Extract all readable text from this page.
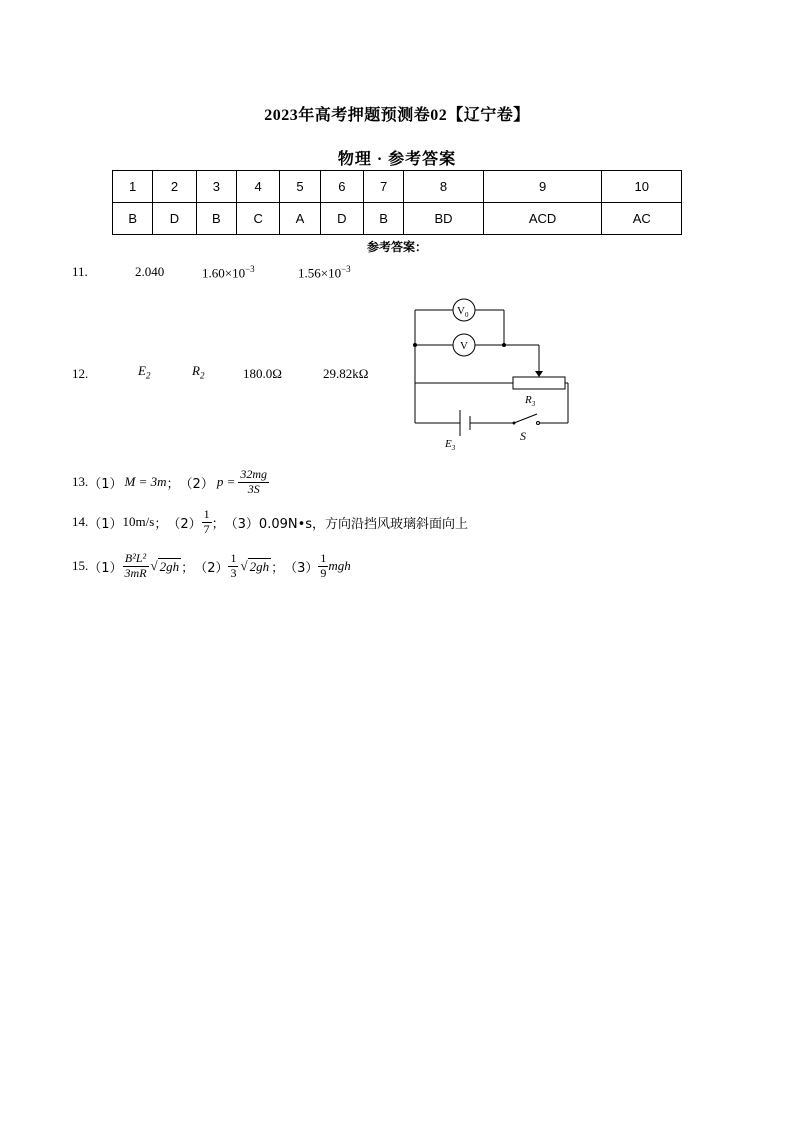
2023年高考押题预测卷02【辽宁卷】
物理 · 参考答案
1	2	3	4	5	6	7	8	9	10
B	D	B	C	A	D	B	BD	ACD	AC
参考答案：
11.	2.040	$1.60\times 10^{-3}$	$1.56\times 10^{-3}$
12.	$E_2$	$R_2$	180.0Ω	29.82kΩ
$V_0$
V
$R_3$
S
$E_3$
13. （1） M = 3m ； （2） $p = \frac{32mg}{3S}$
14. （1） 10m/s ； $(2) \frac{1}{7}$ ； （3） 0.09N•s，方向沿挡风玻璃斜面向上
15. $(1) \frac{\text{B²L²}}{3mR}$ √ 2gh ； $(2) \frac{1}{3}$ √ 2gh ； $(3) \frac{1}{9}$ mgh
